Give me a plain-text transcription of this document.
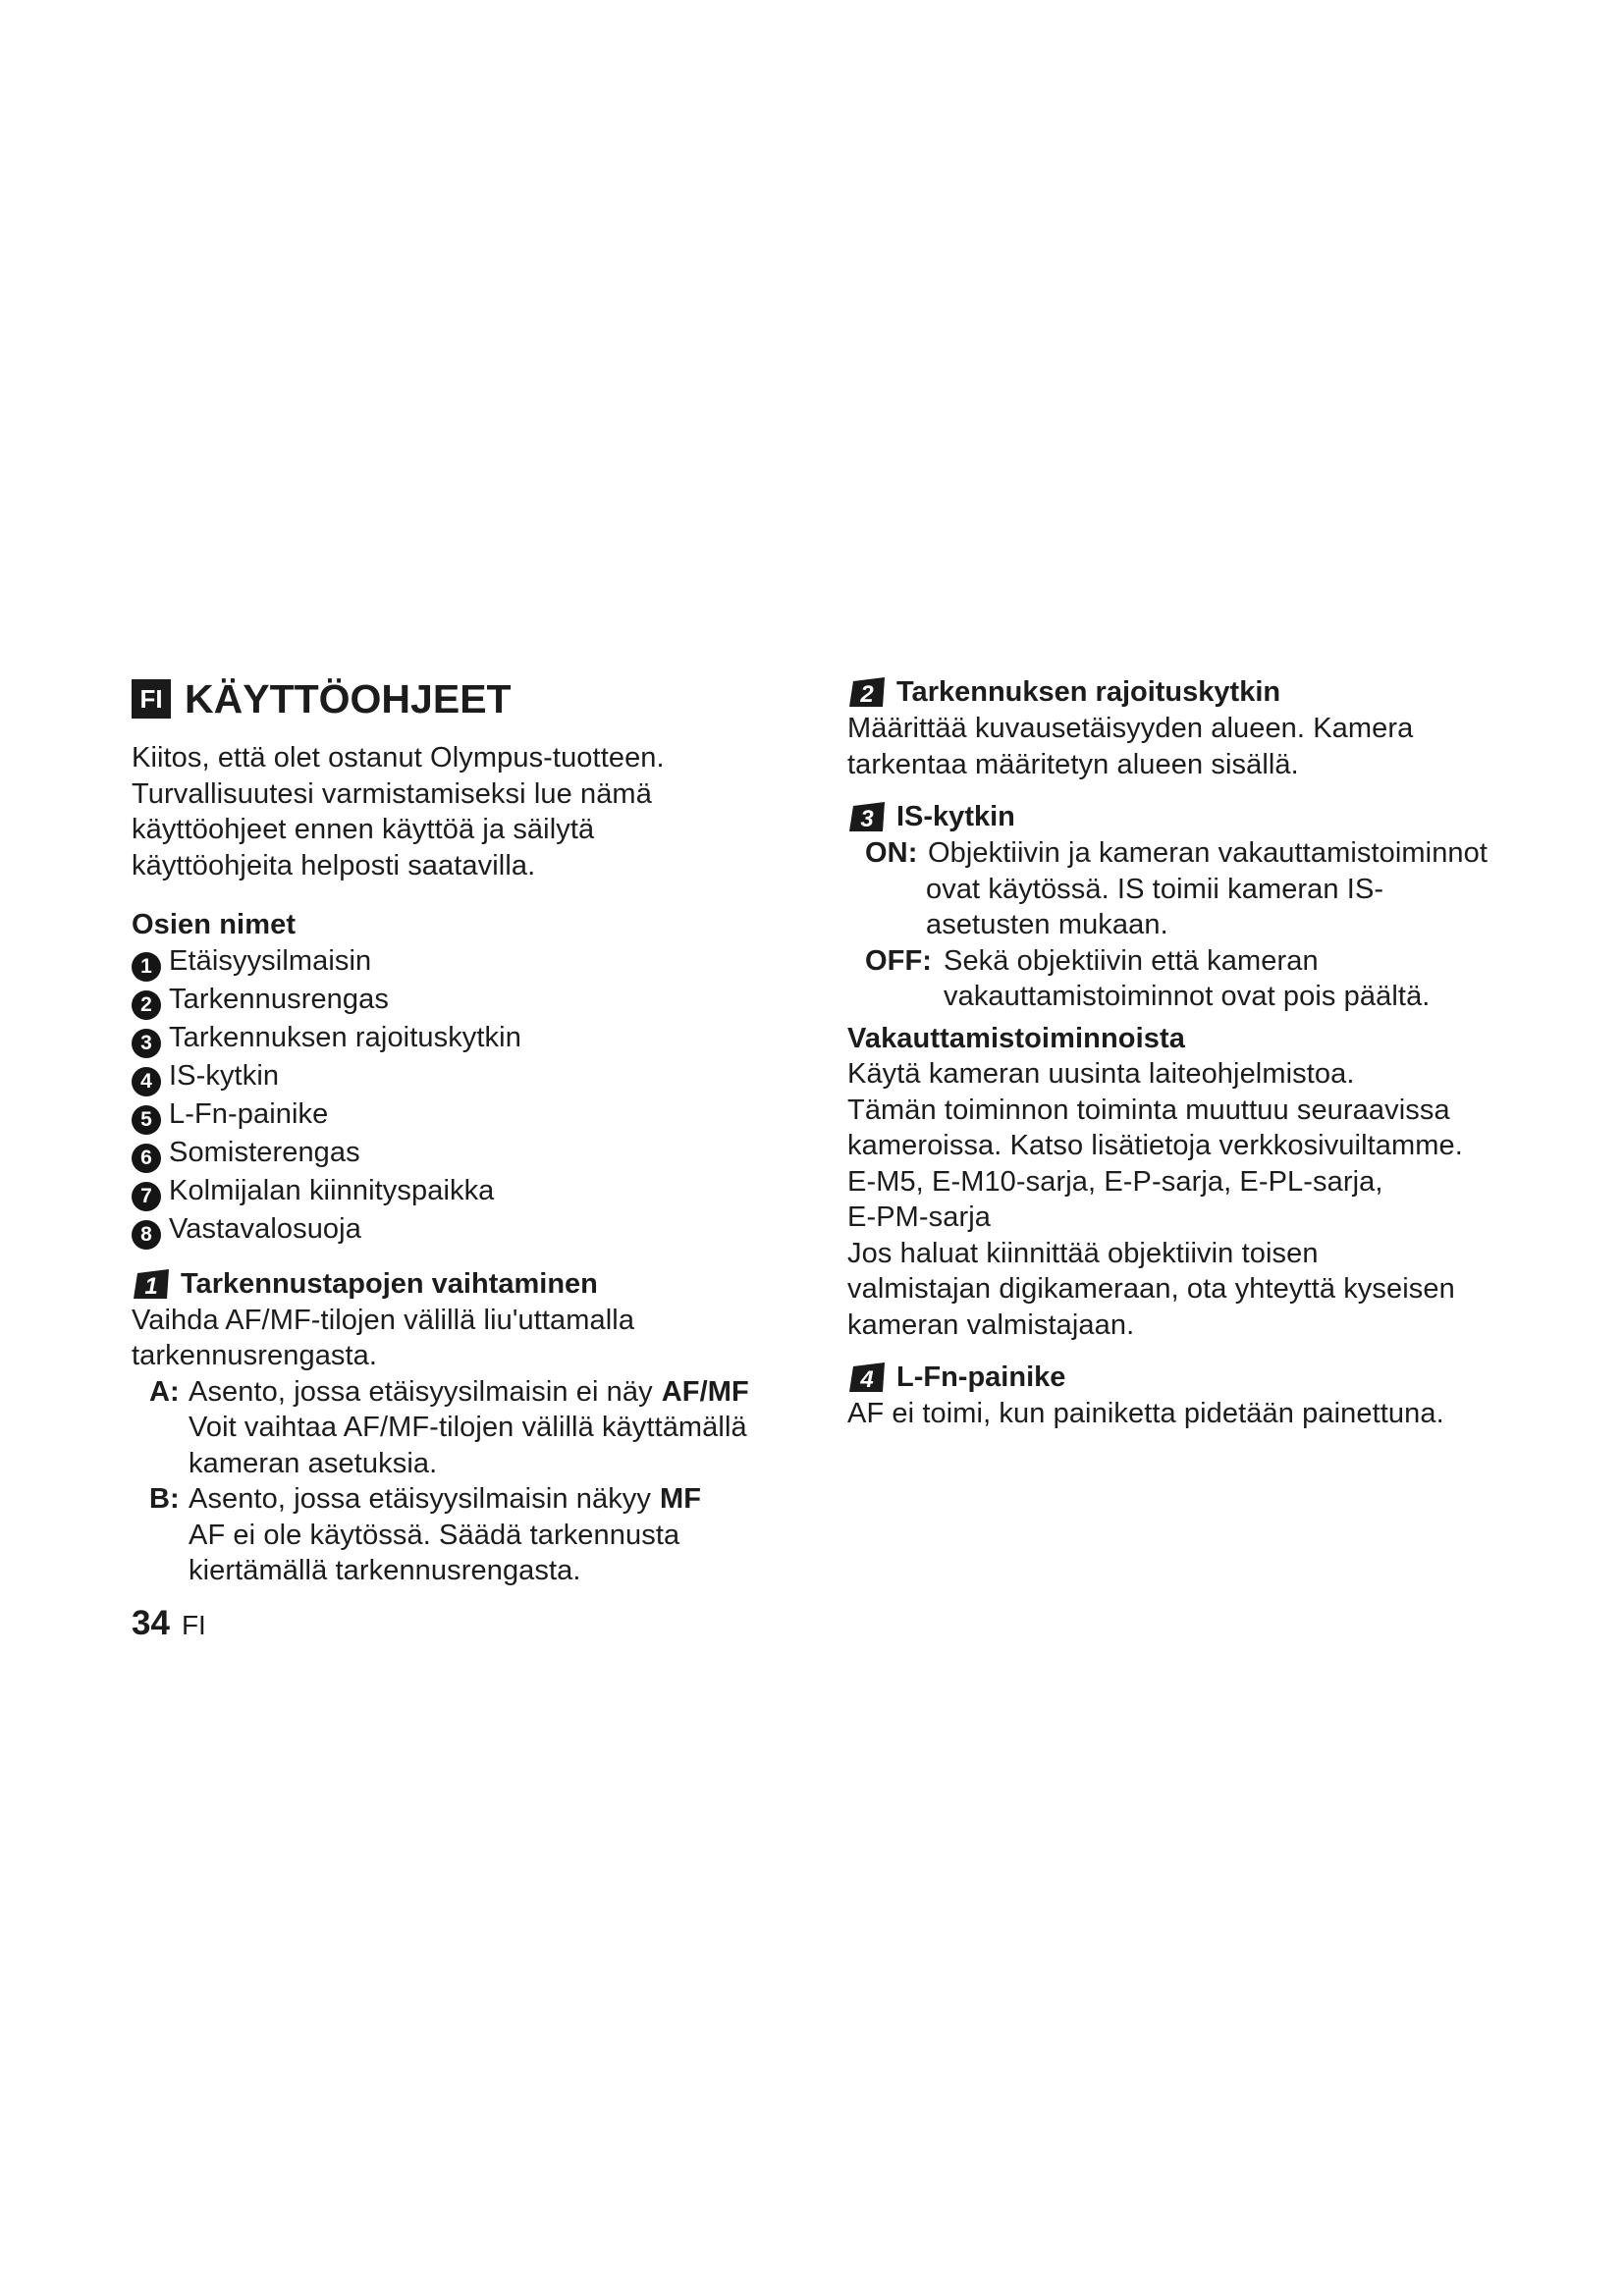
FI KÄYTTÖOHJEET
Kiitos, että olet ostanut Olympus-tuotteen.
Turvallisuutesi varmistamiseksi lue nämä
käyttöohjeet ennen käyttöä ja säilytä
käyttöohjeita helposti saatavilla.
Osien nimet
1 Etäisyysilmaisin
2 Tarkennusrengas
3 Tarkennuksen rajoituskytkin
4 IS-kytkin
5 L-Fn-painike
6 Somisterengas
7 Kolmijalan kiinnityspaikka
8 Vastavalosuoja
1 Tarkennustapojen vaihtaminen
Vaihda AF/MF-tilojen välillä liu'uttamalla
tarkennusrengasta.
A: Asento, jossa etäisyysilmaisin ei näy AF/MF
Voit vaihtaa AF/MF-tilojen välillä käyttämällä
kameran asetuksia.
B: Asento, jossa etäisyysilmaisin näkyy MF
AF ei ole käytössä. Säädä tarkennusta
kiertämällä tarkennusrengasta.
2 Tarkennuksen rajoituskytkin
Määrittää kuvausetäisyyden alueen. Kamera
tarkentaa määritetyn alueen sisällä.
3 IS-kytkin
ON: Objektiivin ja kameran vakauttamistoiminnot
ovat käytössä. IS toimii kameran IS-
asetusten mukaan.
OFF: Sekä objektiivin että kameran
vakauttamistoiminnot ovat pois päältä.
Vakauttamistoiminnoista
Käytä kameran uusinta laiteohjelmistoa.
Tämän toiminnon toiminta muuttuu seuraavissa
kameroissa. Katso lisätietoja verkkosivuiltamme.
E-M5, E-M10-sarja, E-P-sarja, E-PL-sarja,
E-PM-sarja
Jos haluat kiinnittää objektiivin toisen
valmistajan digikameraan, ota yhteyttä kyseisen
kameran valmistajaan.
4 L-Fn-painike
AF ei toimi, kun painiketta pidetään painettuna.
34 FI
